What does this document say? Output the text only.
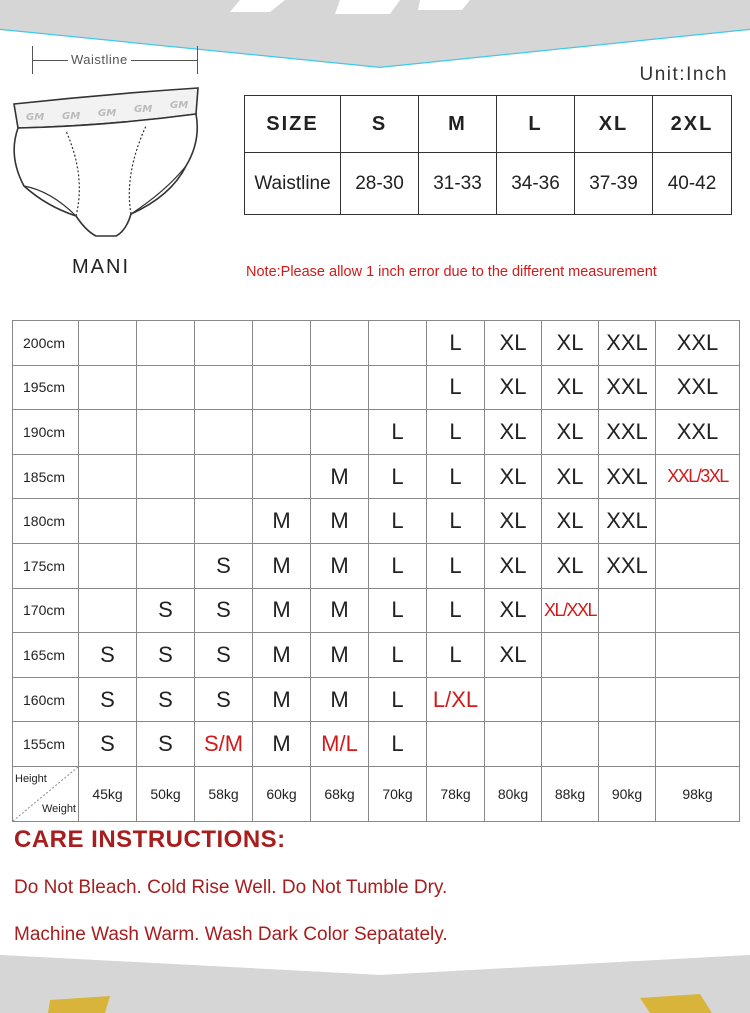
Waistline
GM GM GM GM GM
MANI
Unit:Inch
SIZE	S	M	L	XL	2XL
Waistline	28-30	31-33	34-36	37-39	40-42
Note:Please allow 1 inch error due to the different measurement
200cm							L	XL	XL	XXL	XXL
195cm							L	XL	XL	XXL	XXL
190cm						L	L	XL	XL	XXL	XXL
185cm					M	L	L	XL	XL	XXL	XXL/3XL
180cm				M	M	L	L	XL	XL	XXL	
175cm			S	M	M	L	L	XL	XL	XXL	
170cm		S	S	M	M	L	L	XL	XL/XXL		
165cm	S	S	S	M	M	L	L	XL			
160cm	S	S	S	M	M	L	L/XL				
155cm	S	S	S/M	M	M/L	L					

Height
Weight	45kg	50kg	58kg	60kg	68kg	70kg	78kg	80kg	88kg	90kg	98kg
CARE INSTRUCTIONS:
Do Not Bleach. Cold Rise Well. Do Not Tumble Dry.
Machine Wash Warm. Wash Dark Color Sepatately.
